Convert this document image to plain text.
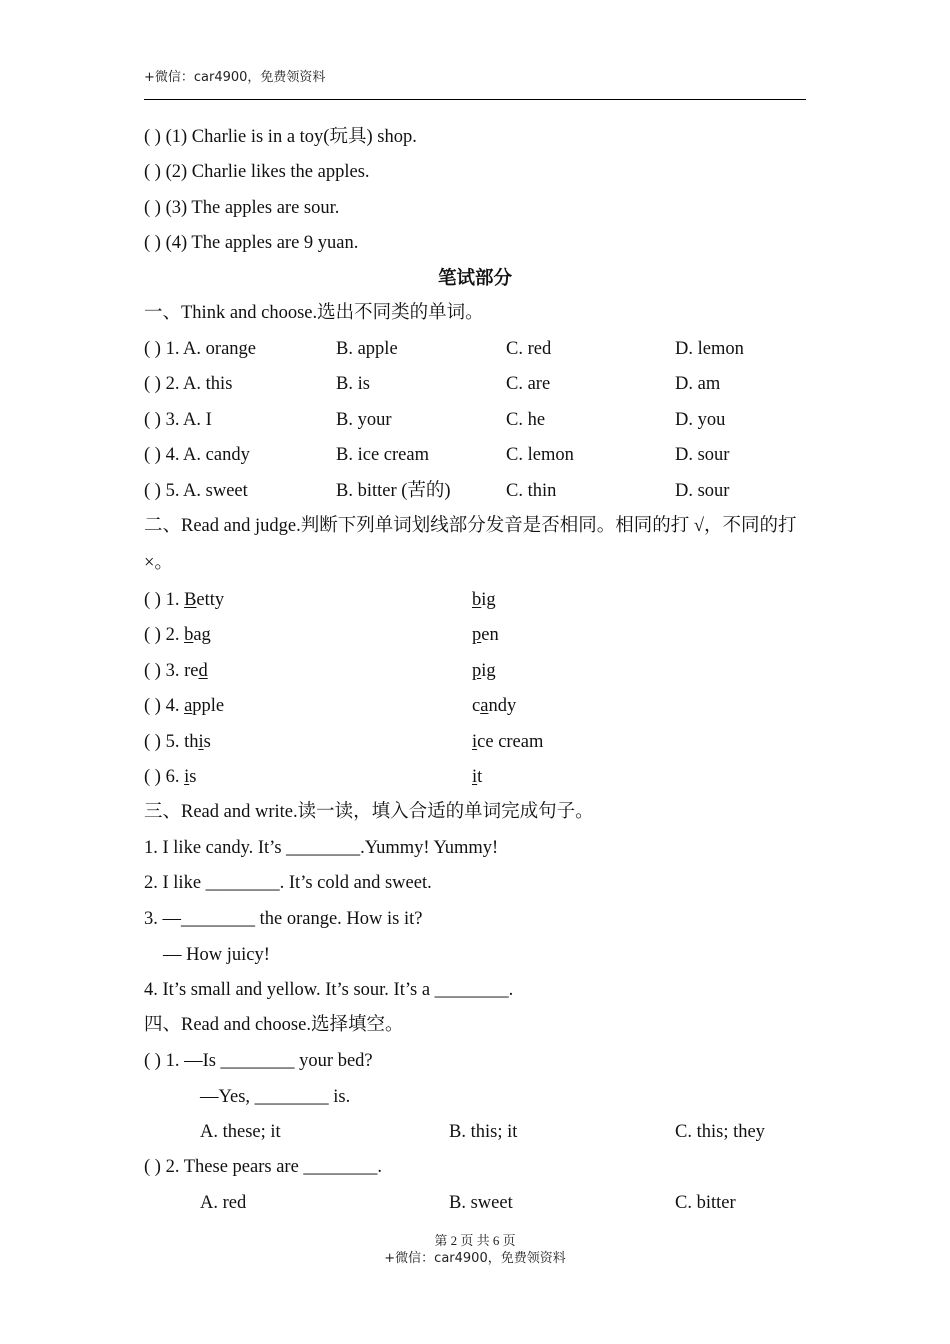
+微信：car4900，免费领资料
( ) (1) Charlie is in a toy(玩具) shop.
( ) (2) Charlie likes the apples.
( ) (3) The apples are sour.
( ) (4) The apples are 9 yuan.
笔试部分
一、Think and choose.选出不同类的单词。
( ) 1. A. orange	B. apple	C. red	D. lemon
( ) 2. A. this	B. is	C. are	D. am
( ) 3. A. I	B. your	C. he	D. you
( ) 4. A. candy	B. ice cream	C. lemon	D. sour
( ) 5. A. sweet	B. bitter (苦的)	C. thin	D. sour
二、Read and judge.判断下列单词划线部分发音是否相同。相同的打 √，不同的打
×。
( ) 1. Betty	big
( ) 2. bag	pen
( ) 3. red	pig
( ) 4. apple	candy
( ) 5. this	ice cream
( ) 6. is	it
三、Read and write.读一读，填入合适的单词完成句子。
1. I like candy. It’s ________.Yummy! Yummy!
2. I like ________. It’s cold and sweet.
3. —________ the orange. How is it?
— How juicy!
4. It’s small and yellow. It’s sour. It’s a ________.
四、Read and choose.选择填空。
( ) 1. —Is ________ your bed?
—Yes, ________ is.
A. these; it	B. this; it	C. this; they
( ) 2. These pears are ________.
A. red	B. sweet	C. bitter
第 2 页 共 6 页
+微信：car4900，免费领资料
